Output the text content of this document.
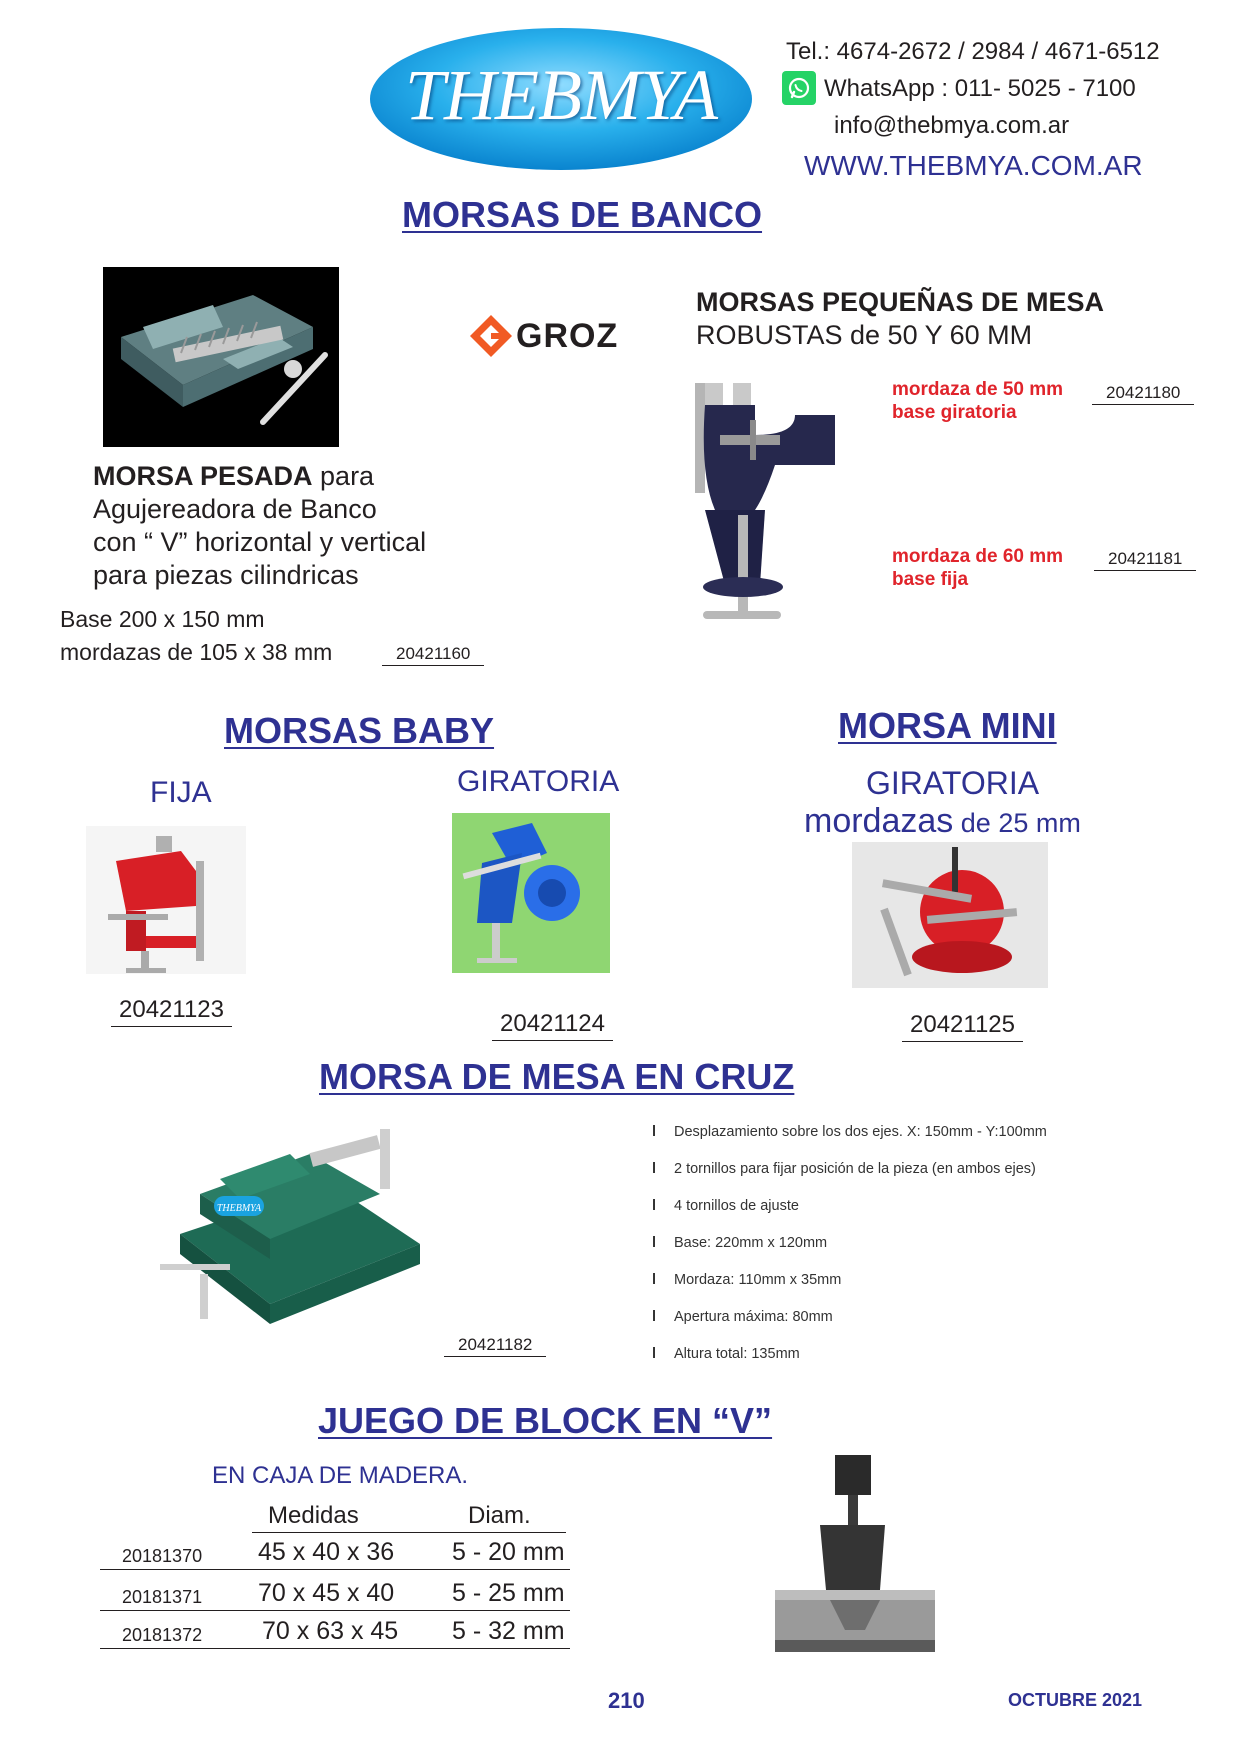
THEBMYA
Tel.: 4674-2672 / 2984 / 4671-6512
WhatsApp : 011- 5025 - 7100
info@thebmya.com.ar
WWW.THEBMYA.COM.AR
MORSAS DE BANCO
GROZ
MORSA PESADA para
Agujereadora de Banco
con “ V” horizontal y vertical
para piezas cilindricas
Base 200 x 150 mm
mordazas de 105 x 38 mm	20421160
MORSAS PEQUEÑAS DE MESA
ROBUSTAS de 50 Y 60 MM
mordaza de 50 mm
base giratoria
20421180
mordaza de 60 mm
base fija
20421181
MORSAS BABY
FIJA
20421123
GIRATORIA
20421124
MORSA MINI
GIRATORIA
mordazas de 25 mm
20421125
MORSA DE MESA EN CRUZ
THEBMYA
20421182
l Desplazamiento sobre los dos ejes. X: 150mm - Y:100mm
l 2 tornillos para fijar posición de la pieza (en ambos ejes)
l 4 tornillos de ajuste
l Base: 220mm x 120mm
l Mordaza: 110mm x 35mm
l Apertura máxima: 80mm
l Altura total: 135mm
JUEGO DE BLOCK EN “V”
EN CAJA DE MADERA.
Medidas	Diam.
20181370 45 x 40 x 36 5 - 20 mm
20181371 70 x 45 x 40 5 - 25 mm
20181372 70 x 63 x 45 5 - 32 mm
210	OCTUBRE 2021
